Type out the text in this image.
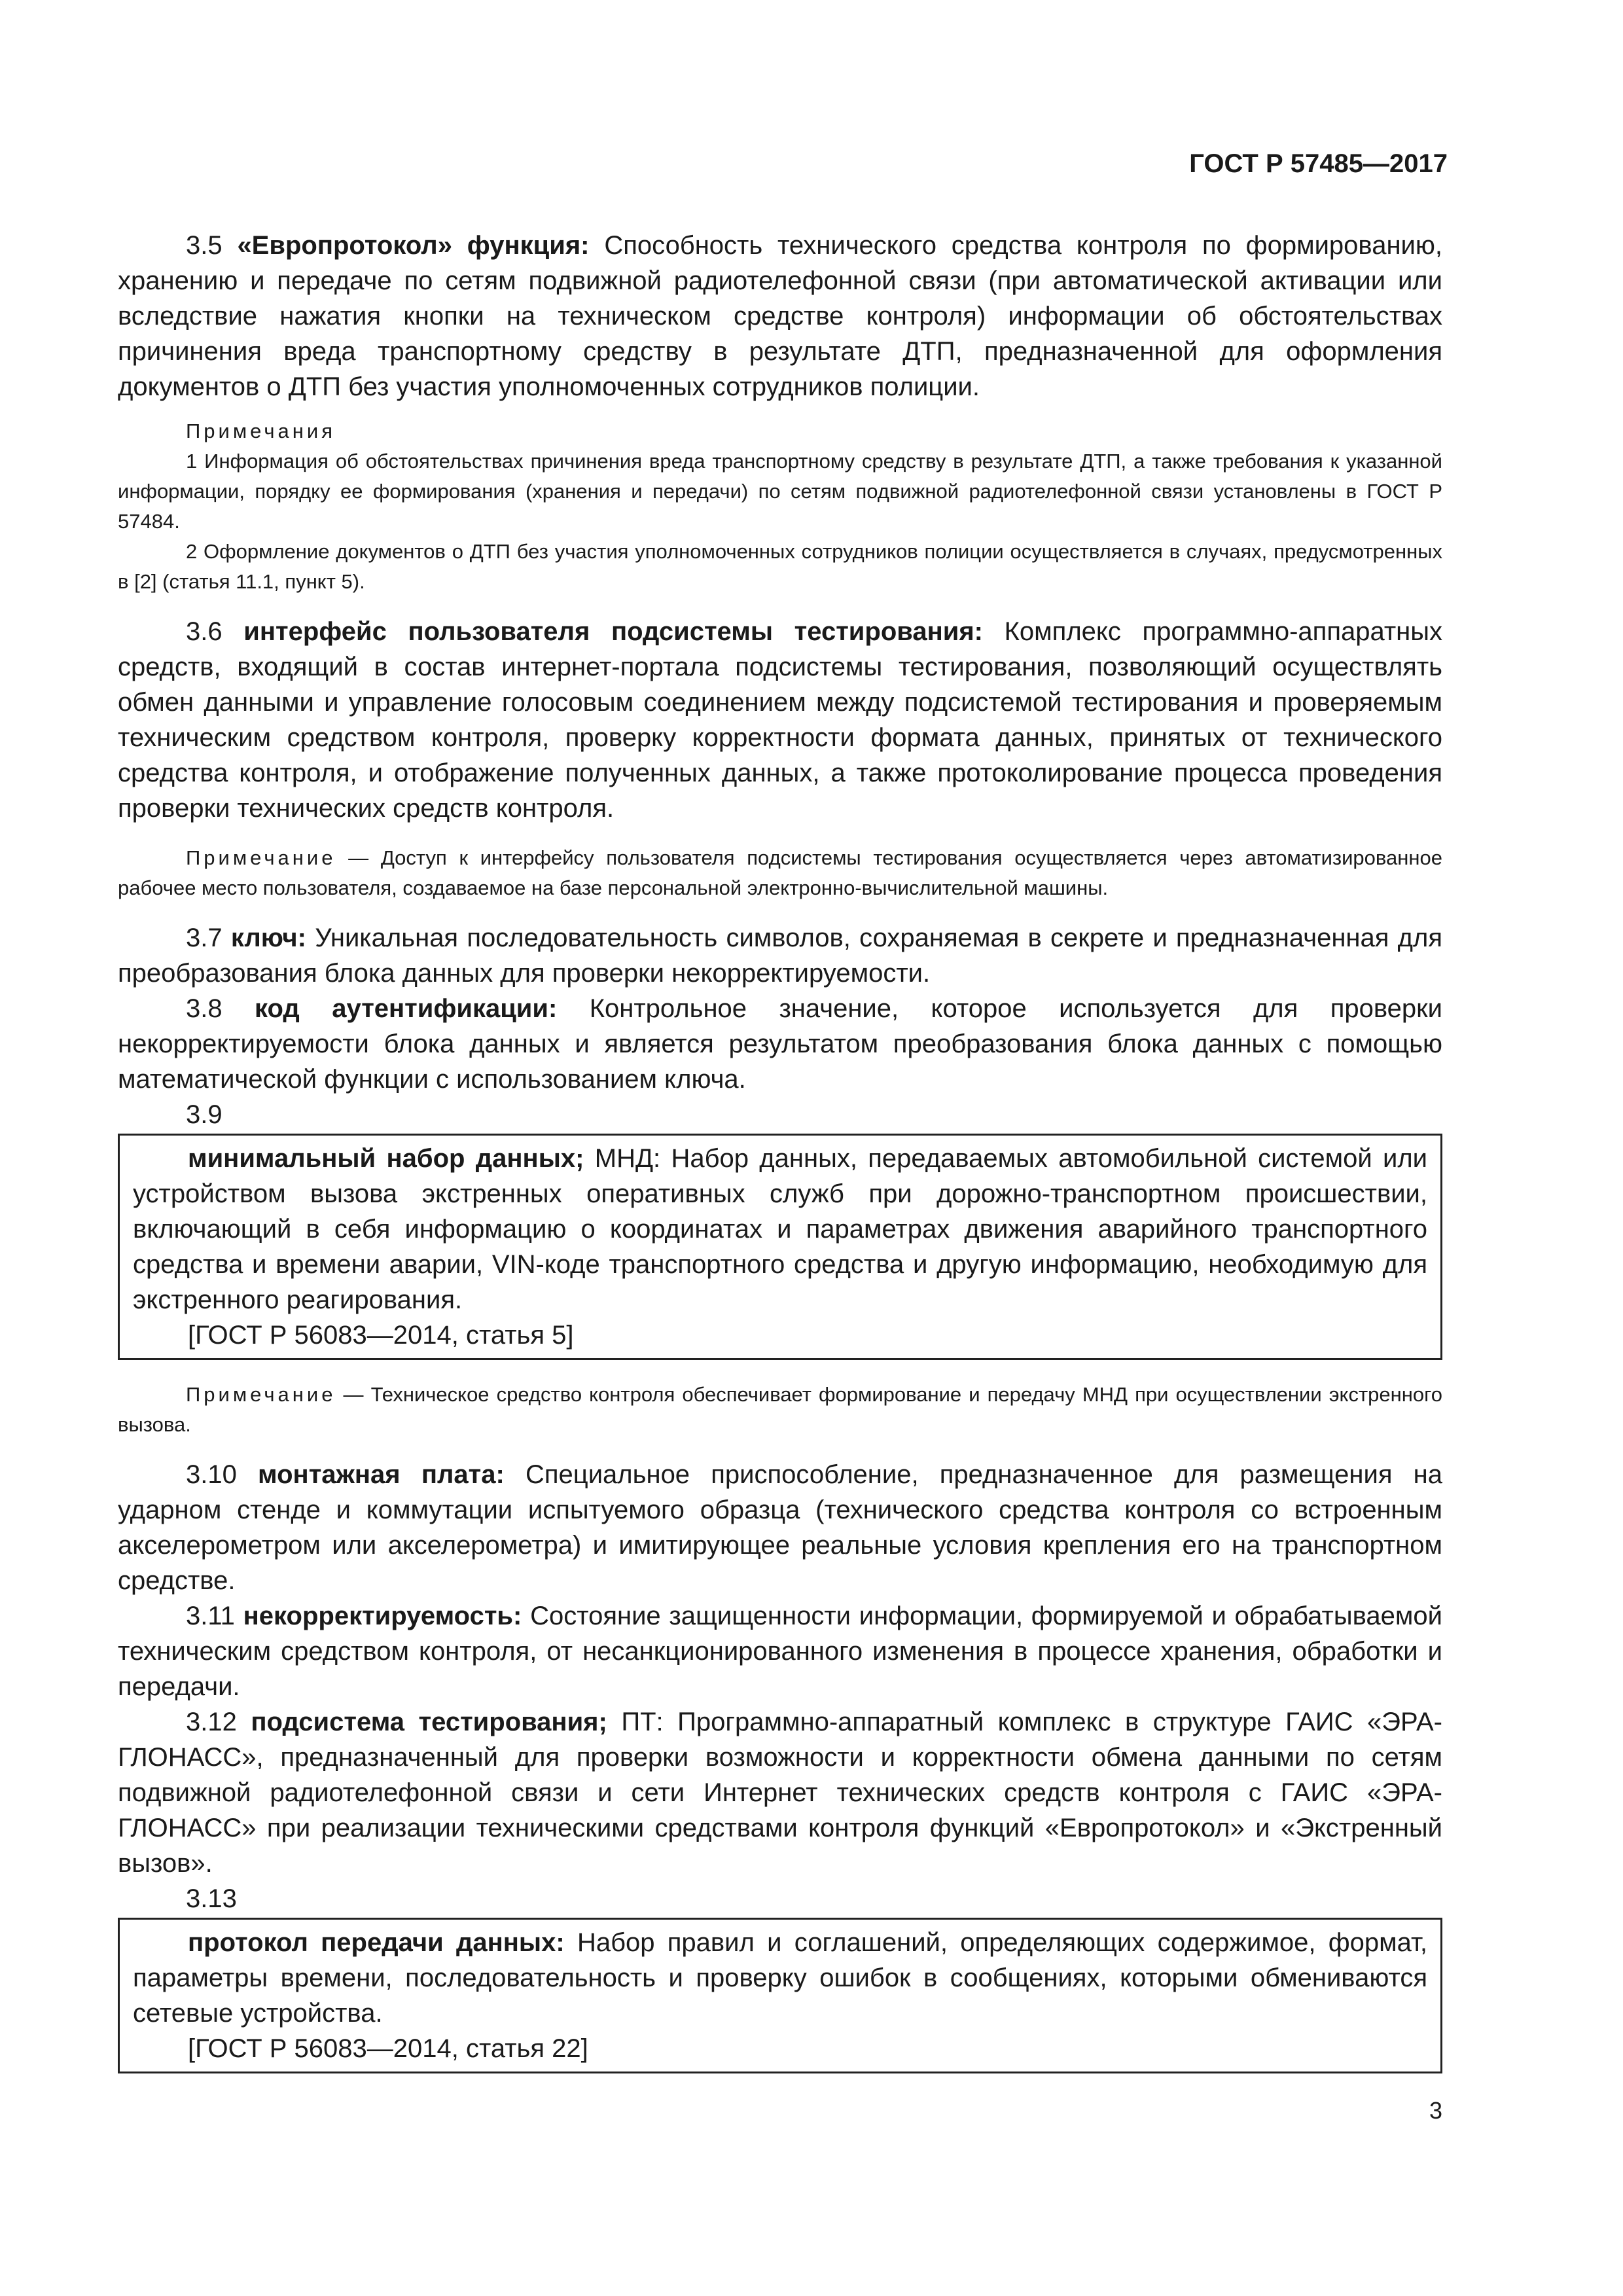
ГОСТ Р 57485—2017

3.5 «Европротокол» функция: Способность технического средства контроля по формированию, хранению и передаче по сетям подвижной радиотелефонной связи (при автоматической активации или вследствие нажатия кнопки на техническом средстве контроля) информации об обстоятельствах причинения вреда транспортному средству в результате ДТП, предназначенной для оформления документов о ДТП без участия уполномоченных сотрудников полиции.

Примечания

1 Информация об обстоятельствах причинения вреда транспортному средству в результате ДТП, а также требования к указанной информации, порядку ее формирования (хранения и передачи) по сетям подвижной радиотелефонной связи установлены в ГОСТ Р 57484.

2 Оформление документов о ДТП без участия уполномоченных сотрудников полиции осуществляется в случаях, предусмотренных в [2] (статья 11.1, пункт 5).

3.6 интерфейс пользователя подсистемы тестирования: Комплекс программно-аппаратных средств, входящий в состав интернет-портала подсистемы тестирования, позволяющий осуществлять обмен данными и управление голосовым соединением между подсистемой тестирования и проверяемым техническим средством контроля, проверку корректности формата данных, принятых от технического средства контроля, и отображение полученных данных, а также протоколирование процесса проведения проверки технических средств контроля.

Примечание — Доступ к интерфейсу пользователя подсистемы тестирования осуществляется через автоматизированное рабочее место пользователя, создаваемое на базе персональной электронно-вычислительной машины.

3.7 ключ: Уникальная последовательность символов, сохраняемая в секрете и предназначенная для преобразования блока данных для проверки некорректируемости.

3.8 код аутентификации: Контрольное значение, которое используется для проверки некорректируемости блока данных и является результатом преобразования блока данных с помощью математической функции с использованием ключа.

3.9

минимальный набор данных; МНД: Набор данных, передаваемых автомобильной системой или устройством вызова экстренных оперативных служб при дорожно-транспортном происшествии, включающий в себя информацию о координатах и параметрах движения аварийного транспортного средства и времени аварии, VIN-коде транспортного средства и другую информацию, необходимую для экстренного реагирования.

[ГОСТ Р 56083—2014, статья 5]

Примечание — Техническое средство контроля обеспечивает формирование и передачу МНД при осуществлении экстренного вызова.

3.10 монтажная плата: Специальное приспособление, предназначенное для размещения на ударном стенде и коммутации испытуемого образца (технического средства контроля со встроенным акселерометром или акселерометра) и имитирующее реальные условия крепления его на транспортном средстве.

3.11 некорректируемость: Состояние защищенности информации, формируемой и обрабатываемой техническим средством контроля, от несанкционированного изменения в процессе хранения, обработки и передачи.

3.12 подсистема тестирования; ПТ: Программно-аппаратный комплекс в структуре ГАИС «ЭРА-ГЛОНАСС», предназначенный для проверки возможности и корректности обмена данными по сетям подвижной радиотелефонной связи и сети Интернет технических средств контроля с ГАИС «ЭРА-ГЛОНАСС» при реализации техническими средствами контроля функций «Европротокол» и «Экстренный вызов».

3.13

протокол передачи данных: Набор правил и соглашений, определяющих содержимое, формат, параметры времени, последовательность и проверку ошибок в сообщениях, которыми обмениваются сетевые устройства.

[ГОСТ Р 56083—2014, статья 22]

3
